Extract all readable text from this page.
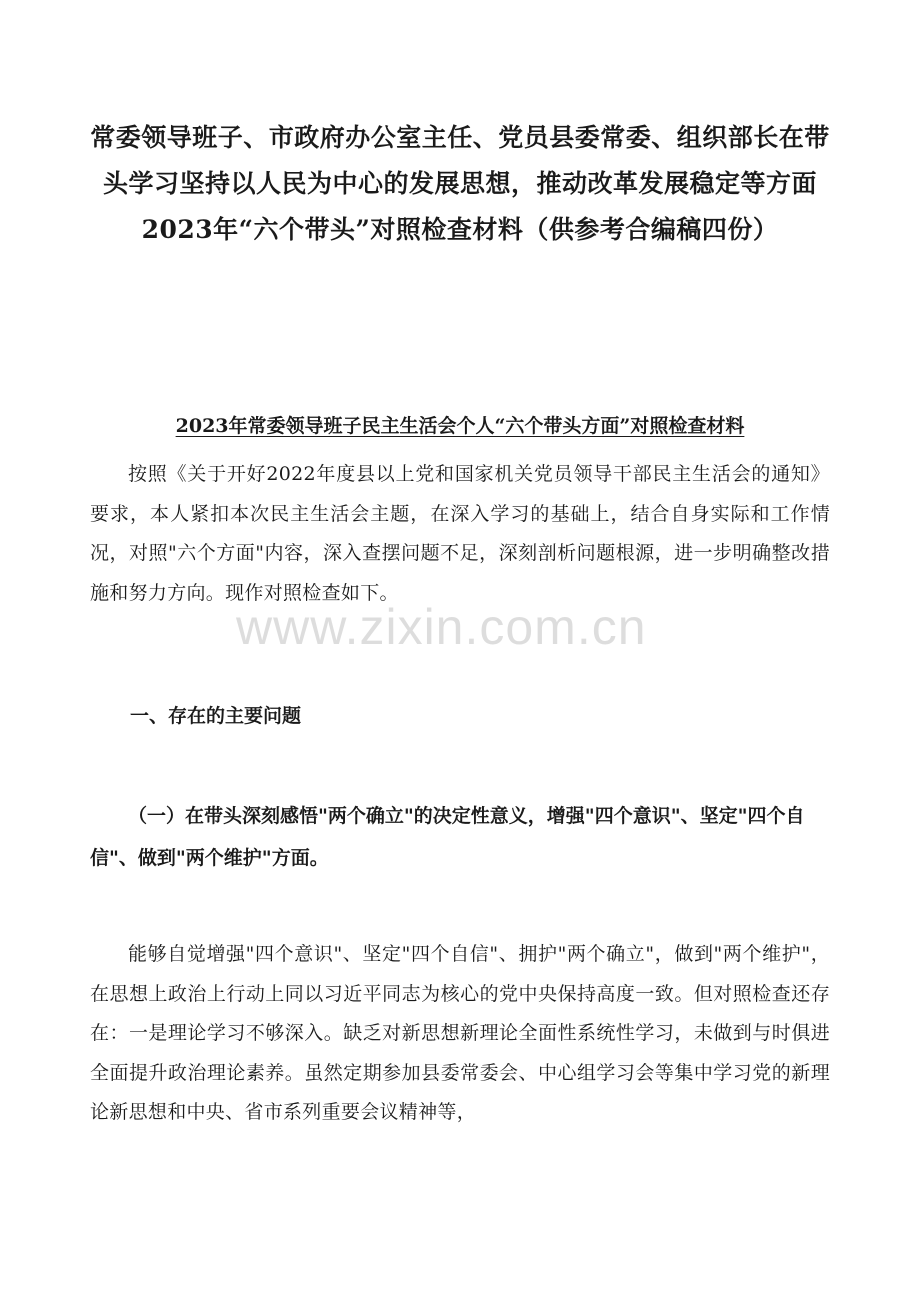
常委领导班子、市政府办公室主任、党员县委常委、组织部长在带头学习坚持以人民为中心的发展思想，推动改革发展稳定等方面2023年“六个带头”对照检查材料（供参考合编稿四份）
2023年常委领导班子民主生活会个人“六个带头方面”对照检查材料

按照《关于开好2022年度县以上党和国家机关党员领导干部民主生活会的通知》要求，本人紧扣本次民主生活会主题，在深入学习的基础上，结合自身实际和工作情况，对照"六个方面"内容，深入查摆问题不足，深刻剖析问题根源，进一步明确整改措施和努力方向。现作对照检查如下。

www.zixin.com.cn
一、存在的主要问题

（一）在带头深刻感悟"两个确立"的决定性意义，增强"四个意识"、坚定"四个自信"、做到"两个维护"方面。

能够自觉增强"四个意识"、坚定"四个自信"、拥护"两个确立"，做到"两个维护"，在思想上政治上行动上同以习近平同志为核心的党中央保持高度一致。但对照检查还存在：一是理论学习不够深入。缺乏对新思想新理论全面性系统性学习，未做到与时俱进全面提升政治理论素养。虽然定期参加县委常委会、中心组学习会等集中学习党的新理论新思想和中央、省市系列重要会议精神等，
